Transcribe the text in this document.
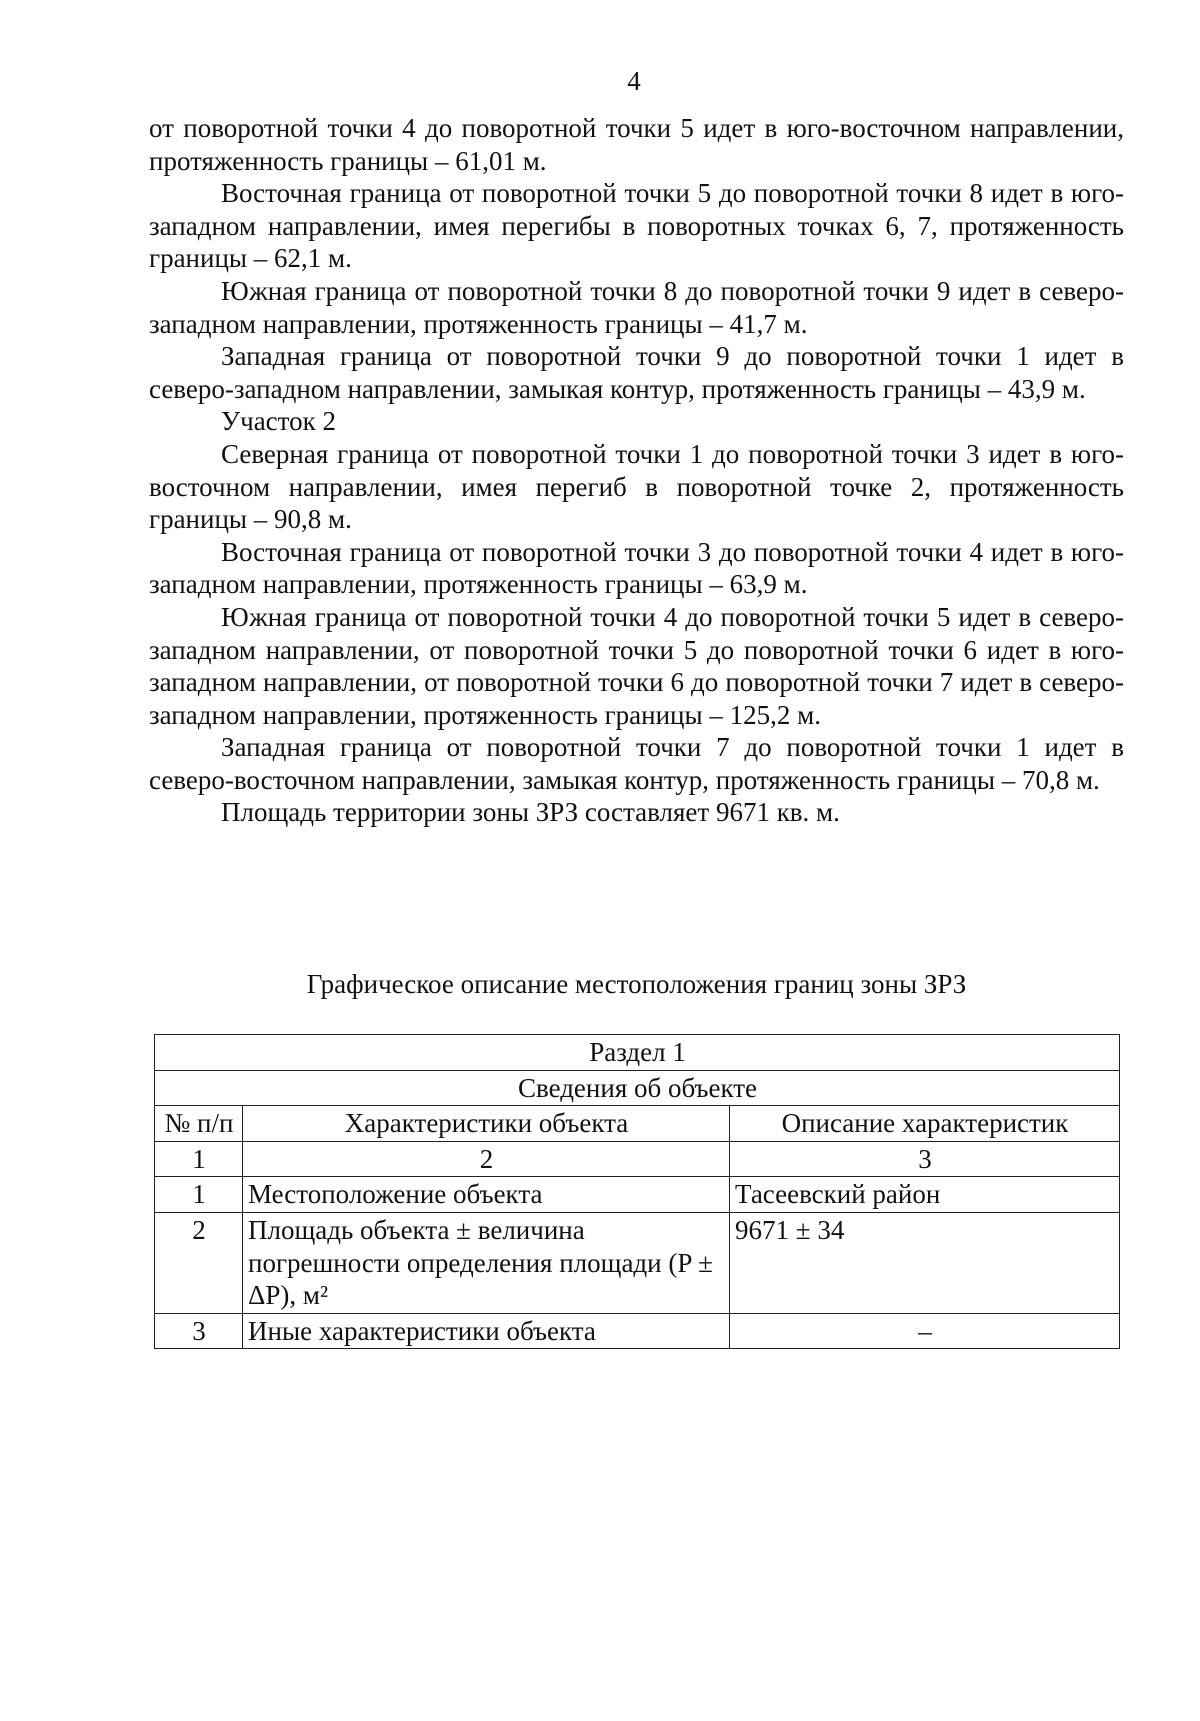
4

от поворотной точки 4 до поворотной точки 5 идет в юго-восточном направлении, протяженность границы – 61,01 м.

Восточная граница от поворотной точки 5 до поворотной точки 8 идет в юго-западном направлении, имея перегибы в поворотных точках 6, 7, протяженность границы – 62,1 м.

Южная граница от поворотной точки 8 до поворотной точки 9 идет в северо-западном направлении, протяженность границы – 41,7 м.

Западная граница от поворотной точки 9 до поворотной точки 1 идет в северо-западном направлении, замыкая контур, протяженность границы – 43,9 м.

Участок 2

Северная граница от поворотной точки 1 до поворотной точки 3 идет в юго-восточном направлении, имея перегиб в поворотной точке 2, протяженность границы – 90,8 м.

Восточная граница от поворотной точки 3 до поворотной точки 4 идет в юго-западном направлении, протяженность границы – 63,9 м.

Южная граница от поворотной точки 4 до поворотной точки 5 идет в северо-западном направлении, от поворотной точки 5 до поворотной точки 6 идет в юго-западном направлении, от поворотной точки 6 до поворотной точки 7 идет в северо-западном направлении, протяженность границы – 125,2 м.

Западная граница от поворотной точки 7 до поворотной точки 1 идет в северо-восточном направлении, замыкая контур, протяженность границы – 70,8 м.

Площадь территории зоны ЗРЗ составляет 9671 кв. м.

Графическое описание местоположения границ зоны ЗРЗ
Раздел 1		
Сведения об объекте		
№ п/п	Характеристики объекта	Описание характеристик
1	2	3
1	Местоположение объекта	Тасеевский район
2	Площадь объекта ± величина погрешности определения площади (P ± ΔР), м²	9671 ± 34
3	Иные характеристики объекта	–
